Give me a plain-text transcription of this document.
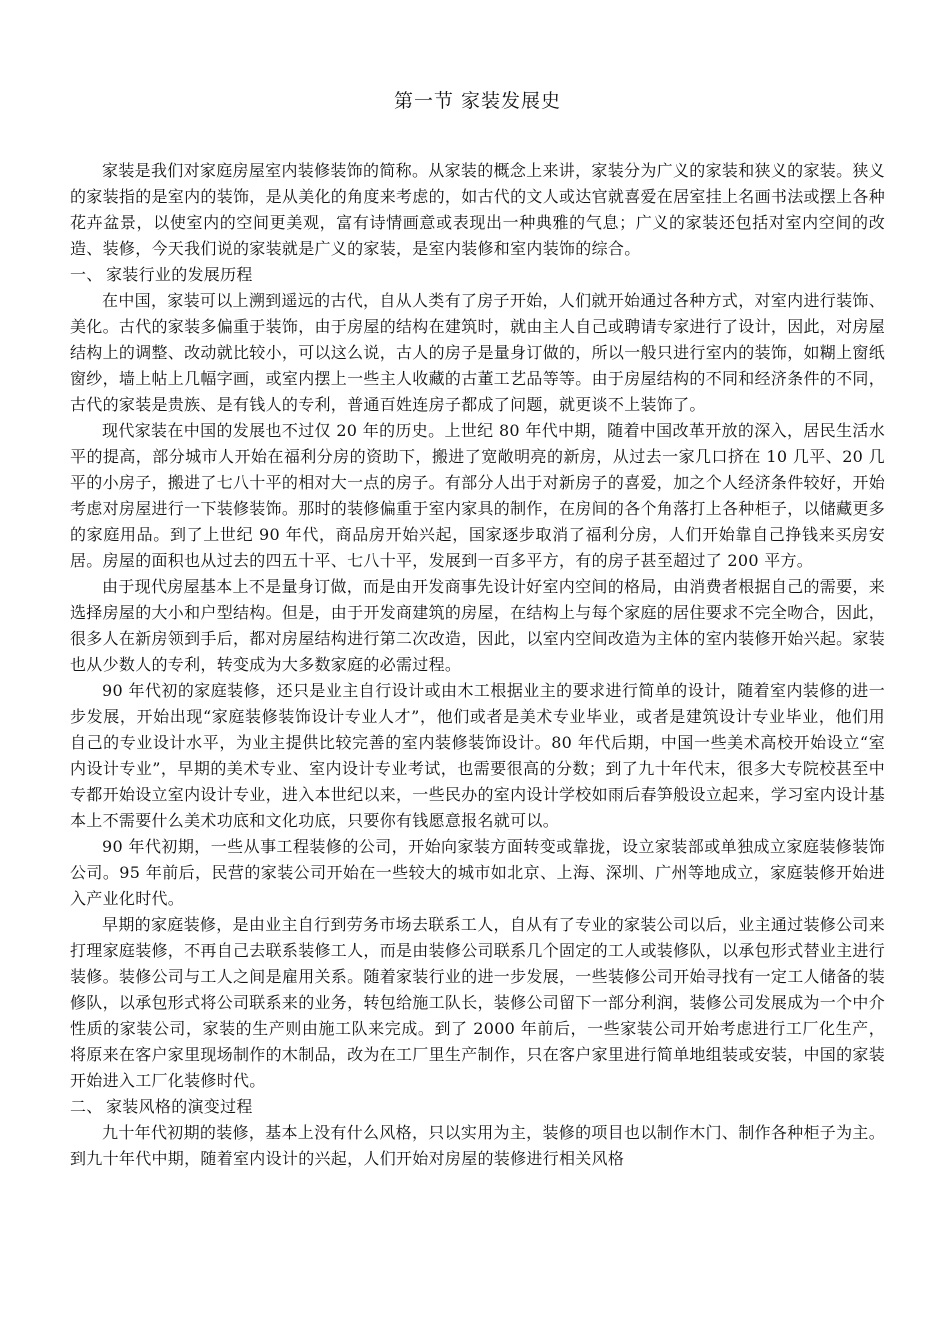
第一节 家装发展史

家装是我们对家庭房屋室内装修装饰的简称。从家装的概念上来讲，家装分为广义的家装和狭义的家装。狭义的家装指的是室内的装饰，是从美化的角度来考虑的，如古代的文人或达官就喜爱在居室挂上名画书法或摆上各种花卉盆景，以使室内的空间更美观，富有诗情画意或表现出一种典雅的气息；广义的家装还包括对室内空间的改造、装修，今天我们说的家装就是广义的家装，是室内装修和室内装饰的综合。

一、 家装行业的发展历程

在中国，家装可以上溯到遥远的古代，自从人类有了房子开始，人们就开始通过各种方式，对室内进行装饰、美化。古代的家装多偏重于装饰，由于房屋的结构在建筑时，就由主人自己或聘请专家进行了设计，因此，对房屋结构上的调整、改动就比较小，可以这么说，古人的房子是量身订做的，所以一般只进行室内的装饰，如糊上窗纸窗纱，墙上帖上几幅字画，或室内摆上一些主人收藏的古董工艺品等等。由于房屋结构的不同和经济条件的不同，古代的家装是贵族、是有钱人的专利，普通百姓连房子都成了问题，就更谈不上装饰了。

现代家装在中国的发展也不过仅 20 年的历史。上世纪 80 年代中期，随着中国改革开放的深入，居民生活水平的提高，部分城市人开始在福利分房的资助下，搬进了宽敞明亮的新房，从过去一家几口挤在 10 几平、20 几平的小房子，搬进了七八十平的相对大一点的房子。有部分人出于对新房子的喜爱，加之个人经济条件较好，开始考虑对房屋进行一下装修装饰。那时的装修偏重于室内家具的制作，在房间的各个角落打上各种柜子，以储藏更多的家庭用品。到了上世纪 90 年代，商品房开始兴起，国家逐步取消了福利分房，人们开始靠自己挣钱来买房安居。房屋的面积也从过去的四五十平、七八十平，发展到一百多平方，有的房子甚至超过了 200 平方。

由于现代房屋基本上不是量身订做，而是由开发商事先设计好室内空间的格局，由消费者根据自己的需要，来选择房屋的大小和户型结构。但是，由于开发商建筑的房屋，在结构上与每个家庭的居住要求不完全吻合，因此，很多人在新房领到手后，都对房屋结构进行第二次改造，因此，以室内空间改造为主体的室内装修开始兴起。家装也从少数人的专利，转变成为大多数家庭的必需过程。

90 年代初的家庭装修，还只是业主自行设计或由木工根据业主的要求进行简单的设计，随着室内装修的进一步发展，开始出现“家庭装修装饰设计专业人才”，他们或者是美术专业毕业，或者是建筑设计专业毕业，他们用自己的专业设计水平，为业主提供比较完善的室内装修装饰设计。80 年代后期，中国一些美术高校开始设立“室内设计专业”，早期的美术专业、室内设计专业考试，也需要很高的分数；到了九十年代末，很多大专院校甚至中专都开始设立室内设计专业，进入本世纪以来，一些民办的室内设计学校如雨后春笋般设立起来，学习室内设计基本上不需要什么美术功底和文化功底，只要你有钱愿意报名就可以。

90 年代初期，一些从事工程装修的公司，开始向家装方面转变或靠拢，设立家装部或单独成立家庭装修装饰公司。95 年前后，民营的家装公司开始在一些较大的城市如北京、上海、深圳、广州等地成立，家庭装修开始进入产业化时代。

早期的家庭装修，是由业主自行到劳务市场去联系工人，自从有了专业的家装公司以后，业主通过装修公司来打理家庭装修，不再自己去联系装修工人，而是由装修公司联系几个固定的工人或装修队，以承包形式替业主进行装修。装修公司与工人之间是雇用关系。随着家装行业的进一步发展，一些装修公司开始寻找有一定工人储备的装修队，以承包形式将公司联系来的业务，转包给施工队长，装修公司留下一部分利润，装修公司发展成为一个中介性质的家装公司，家装的生产则由施工队来完成。到了 2000 年前后，一些家装公司开始考虑进行工厂化生产，将原来在客户家里现场制作的木制品，改为在工厂里生产制作，只在客户家里进行简单地组装或安装，中国的家装开始进入工厂化装修时代。

二、 家装风格的演变过程

九十年代初期的装修，基本上没有什么风格，只以实用为主，装修的项目也以制作木门、制作各种柜子为主。到九十年代中期，随着室内设计的兴起，人们开始对房屋的装修进行相关风格
